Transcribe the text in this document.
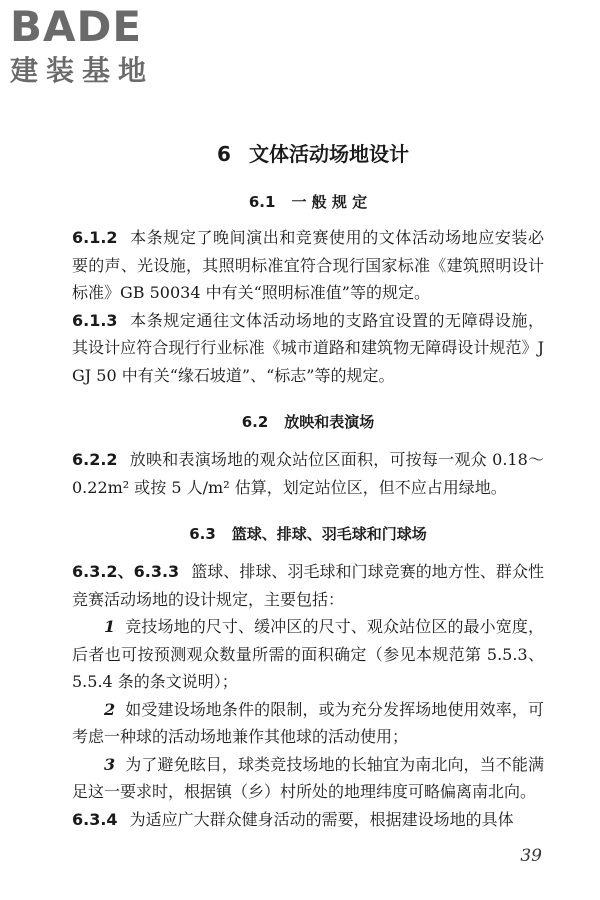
BADE
建装基地
6 文体活动场地设计
6.1 一 般 规 定

6.1.2 本条规定了晚间演出和竞赛使用的文体活动场地应安装必要的声、光设施，其照明标准宜符合现行国家标准《建筑照明设计标准》GB 50034 中有关“照明标准值”等的规定。

6.1.3 本条规定通往文体活动场地的支路宜设置的无障碍设施，其设计应符合现行行业标准《城市道路和建筑物无障碍设计规范》JGJ 50 中有关“缘石坡道”、“标志”等的规定。

6.2 放映和表演场

6.2.2 放映和表演场地的观众站位区面积，可按每一观众 0.18～0.22m² 或按 5 人/m² 估算，划定站位区，但不应占用绿地。

6.3 篮球、排球、羽毛球和门球场

6.3.2、6.3.3 篮球、排球、羽毛球和门球竞赛的地方性、群众性竞赛活动场地的设计规定，主要包括：

1 竞技场地的尺寸、缓冲区的尺寸、观众站位区的最小宽度，后者也可按预测观众数量所需的面积确定（参见本规范第 5.5.3、5.5.4 条的条文说明）；

2 如受建设场地条件的限制，或为充分发挥场地使用效率，可考虑一种球的活动场地兼作其他球的活动使用；

3 为了避免眩目，球类竞技场地的长轴宜为南北向，当不能满足这一要求时，根据镇（乡）村所处的地理纬度可略偏离南北向。

6.3.4 为适应广大群众健身活动的需要，根据建设场地的具体

39
